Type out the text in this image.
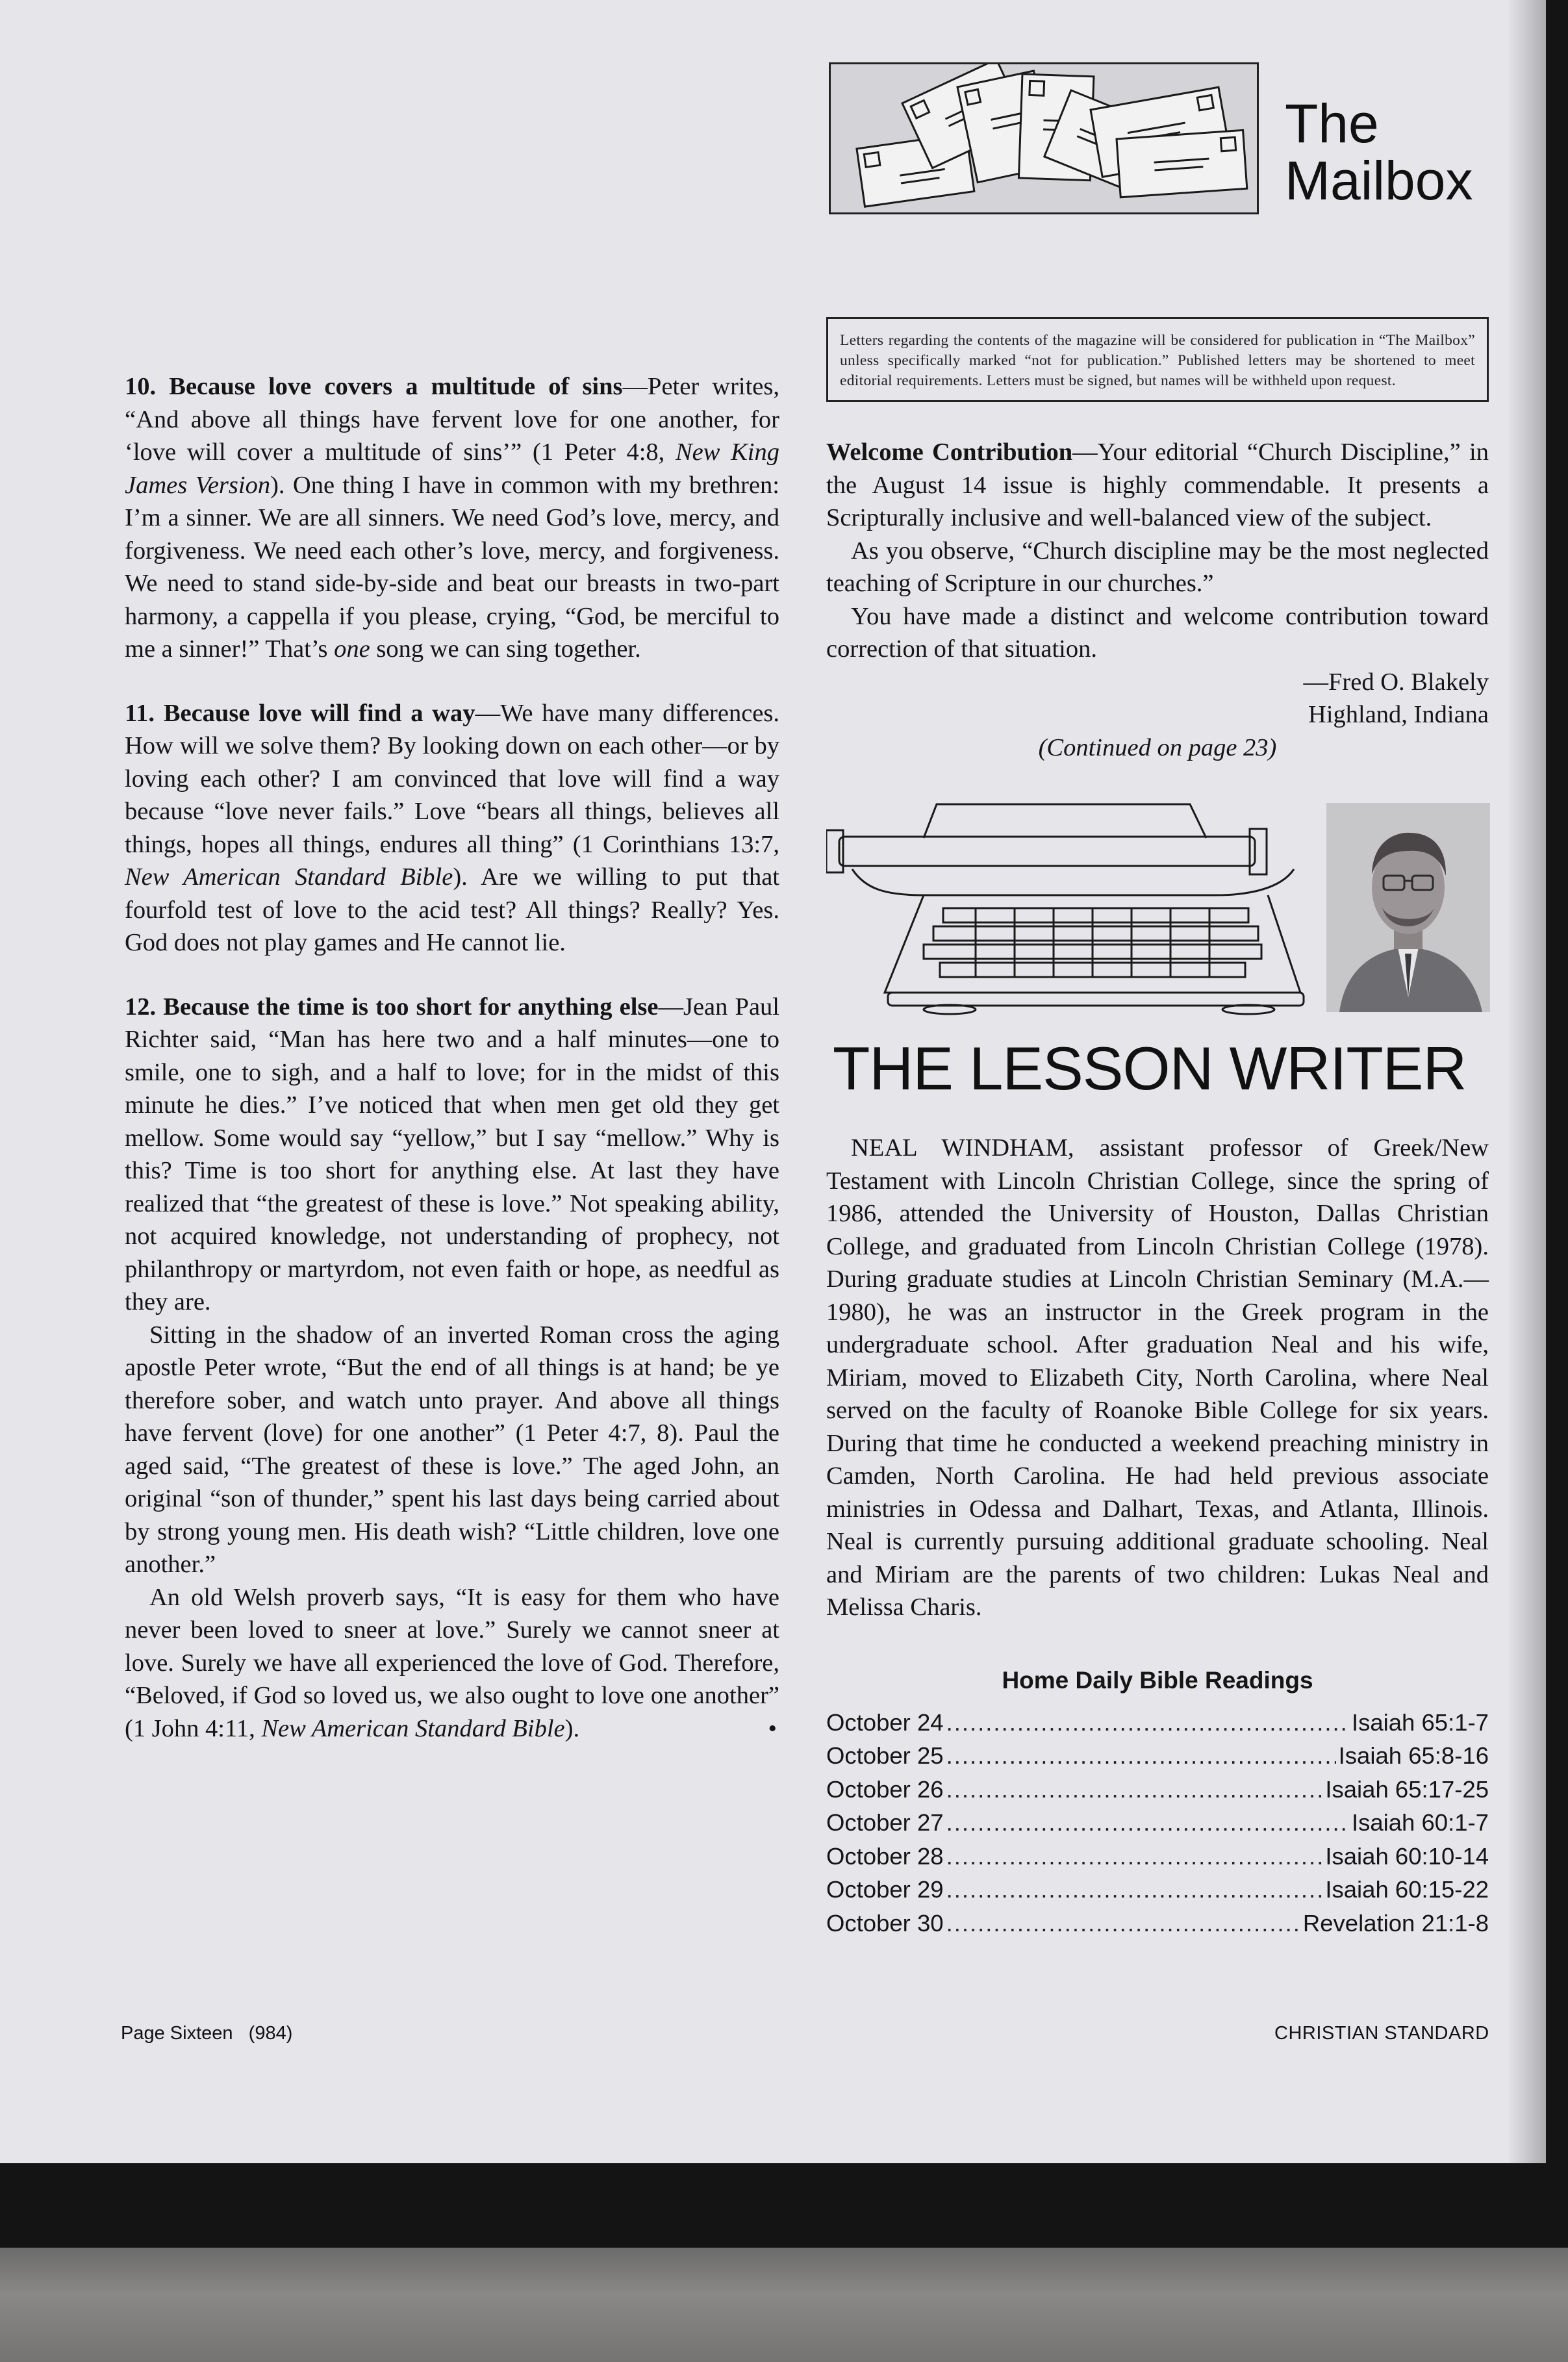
10. Because love covers a multitude of sins—Peter writes, “And above all things have fervent love for one another, for ‘love will cover a multitude of sins’” (1 Peter 4:8, New King James Version). One thing I have in common with my brethren: I’m a sinner. We are all sinners. We need God’s love, mercy, and forgiveness. We need each other’s love, mercy, and forgiveness. We need to stand side-by-side and beat our breasts in two-part harmony, a cappella if you please, crying, “God, be merciful to me a sinner!” That’s one song we can sing together.

11. Because love will find a way—We have many differences. How will we solve them? By looking down on each other—or by loving each other? I am convinced that love will find a way because “love never fails.” Love “bears all things, believes all things, hopes all things, endures all thing” (1 Corinthians 13:7, New American Standard Bible). Are we willing to put that fourfold test of love to the acid test? All things? Really? Yes. God does not play games and He cannot lie.

12. Because the time is too short for anything else—Jean Paul Richter said, “Man has here two and a half minutes—one to smile, one to sigh, and a half to love; for in the midst of this minute he dies.” I’ve noticed that when men get old they get mellow. Some would say “yellow,” but I say “mellow.” Why is this? Time is too short for anything else. At last they have realized that “the greatest of these is love.” Not speaking ability, not acquired knowledge, not understanding of prophecy, not philanthropy or martyrdom, not even faith or hope, as needful as they are.

Sitting in the shadow of an inverted Roman cross the aging apostle Peter wrote, “But the end of all things is at hand; be ye therefore sober, and watch unto prayer. And above all things have fervent (love) for one another” (1 Peter 4:7, 8). Paul the aged said, “The greatest of these is love.” The aged John, an original “son of thunder,” spent his last days being carried about by strong young men. His death wish? “Little children, love one another.”

An old Welsh proverb says, “It is easy for them who have never been loved to sneer at love.” Surely we cannot sneer at love. Surely we have all experienced the love of God. Therefore, “Beloved, if God so loved us, we also ought to love one another” (1 John 4:11, New American Standard Bible).	•

The
Mailbox
Letters regarding the contents of the magazine will be considered for publication in “The Mailbox” unless specifically marked “not for publication.” Published letters may be shortened to meet editorial requirements. Letters must be signed, but names will be withheld upon request.

Welcome Contribution—Your editorial “Church Discipline,” in the August 14 issue is highly commendable. It presents a Scripturally inclusive and well-balanced view of the subject.

As you observe, “Church discipline may be the most neglected teaching of Scripture in our churches.”

You have made a distinct and welcome contribution toward correction of that situation.

—Fred O. Blakely

Highland, Indiana

(Continued on page 23)

THE LESSON WRITER

NEAL WINDHAM, assistant professor of Greek/New Testament with Lincoln Christian College, since the spring of 1986, attended the University of Houston, Dallas Christian College, and graduated from Lincoln Christian College (1978). During graduate studies at Lincoln Christian Seminary (M.A.—1980), he was an instructor in the Greek program in the undergraduate school. After graduation Neal and his wife, Miriam, moved to Elizabeth City, North Carolina, where Neal served on the faculty of Roanoke Bible College for six years. During that time he conducted a weekend preaching ministry in Camden, North Carolina. He had held previous associate ministries in Odessa and Dalhart, Texas, and Atlanta, Illinois. Neal is currently pursuing additional graduate schooling. Neal and Miriam are the parents of two children: Lukas Neal and Melissa Charis.

Home Daily Bible Readings
October 24 .....	Isaiah 65:1-7
October 25 .....	Isaiah 65:8-16
October 26 .....	Isaiah 65:17-25
October 27 .....	Isaiah 60:1-7
October 28 .....	Isaiah 60:10-14
October 29 .....	Isaiah 60:15-22
October 30 .....	Revelation 21:1-8
Page Sixteen   (984)	CHRISTIAN STANDARD
